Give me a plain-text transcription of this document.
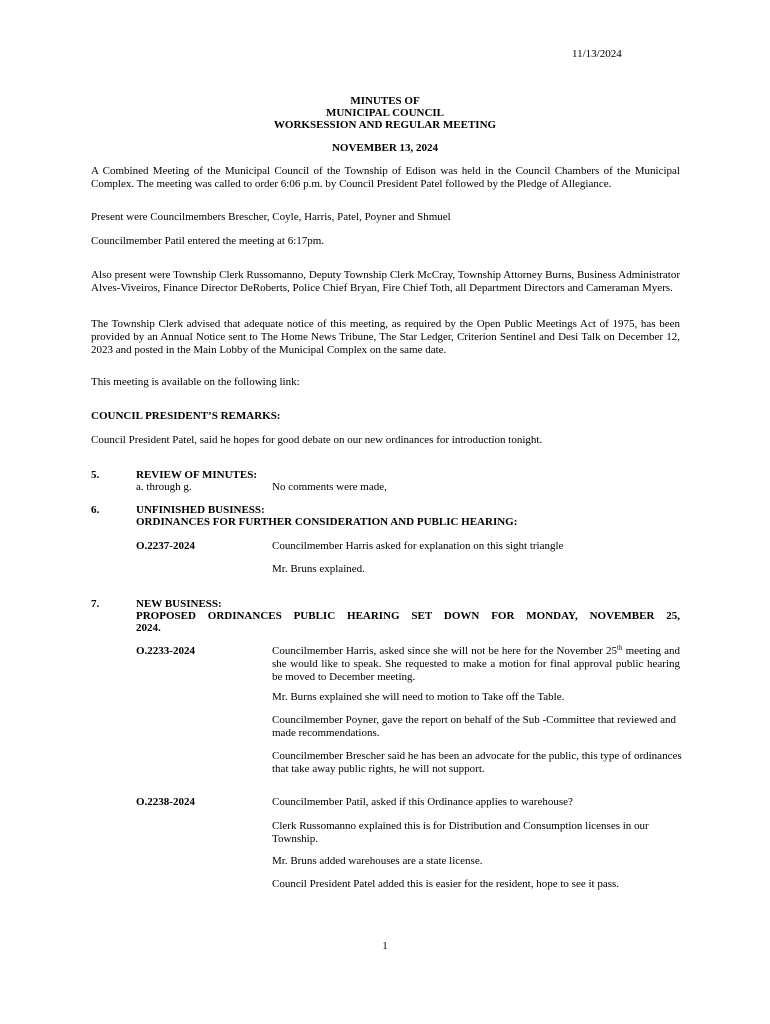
11/13/2024
MINUTES OF
MUNICIPAL COUNCIL
WORKSESSION AND REGULAR MEETING
NOVEMBER 13, 2024
A Combined Meeting of the Municipal Council of the Township of Edison was held in the Council Chambers of the Municipal Complex. The meeting was called to order 6:06 p.m. by Council President Patel followed by the Pledge of Allegiance.
Present were Councilmembers Brescher, Coyle, Harris, Patel, Poyner and Shmuel
Councilmember Patil entered the meeting at 6:17pm.
Also present were Township Clerk Russomanno, Deputy Township Clerk McCray, Township Attorney Burns, Business Administrator Alves-Viveiros, Finance Director DeRoberts, Police Chief Bryan, Fire Chief Toth, all Department Directors and Cameraman Myers.
The Township Clerk advised that adequate notice of this meeting, as required by the Open Public Meetings Act of 1975, has been provided by an Annual Notice sent to The Home News Tribune, The Star Ledger, Criterion Sentinel and Desi Talk on December 12, 2023 and posted in the Main Lobby of the Municipal Complex on the same date.
This meeting is available on the following link:
COUNCIL PRESIDENT’S REMARKS:
Council President Patel, said he hopes for good debate on our new ordinances for introduction tonight.
5.	REVIEW OF MINUTES:
a. through g.	No comments were made,
6.	UNFINISHED BUSINESS:
ORDINANCES FOR FURTHER CONSIDERATION AND PUBLIC HEARING:
O.2237-2024	Councilmember Harris asked for explanation on this sight triangle
Mr. Bruns explained.
7.	NEW BUSINESS:
PROPOSED ORDINANCES PUBLIC HEARING SET DOWN FOR MONDAY, NOVEMBER 25,
2024.
O.2233-2024	Councilmember Harris, asked since she will not be here for the November 25th meeting and she would like to speak. She requested to make a motion for final approval public hearing be moved to December meeting.
Mr. Burns explained she will need to motion to Take off the Table.
Councilmember Poyner, gave the report on behalf of the Sub -Committee that reviewed and made recommendations.
Councilmember Brescher said he has been an advocate for the public, this type of ordinances that take away public rights, he will not support.
O.2238-2024	Councilmember Patil, asked if this Ordinance applies to warehouse?
Clerk Russomanno explained this is for Distribution and Consumption licenses in our Township.
Mr. Bruns added warehouses are a state license.
Council President Patel added this is easier for the resident, hope to see it pass.
1
